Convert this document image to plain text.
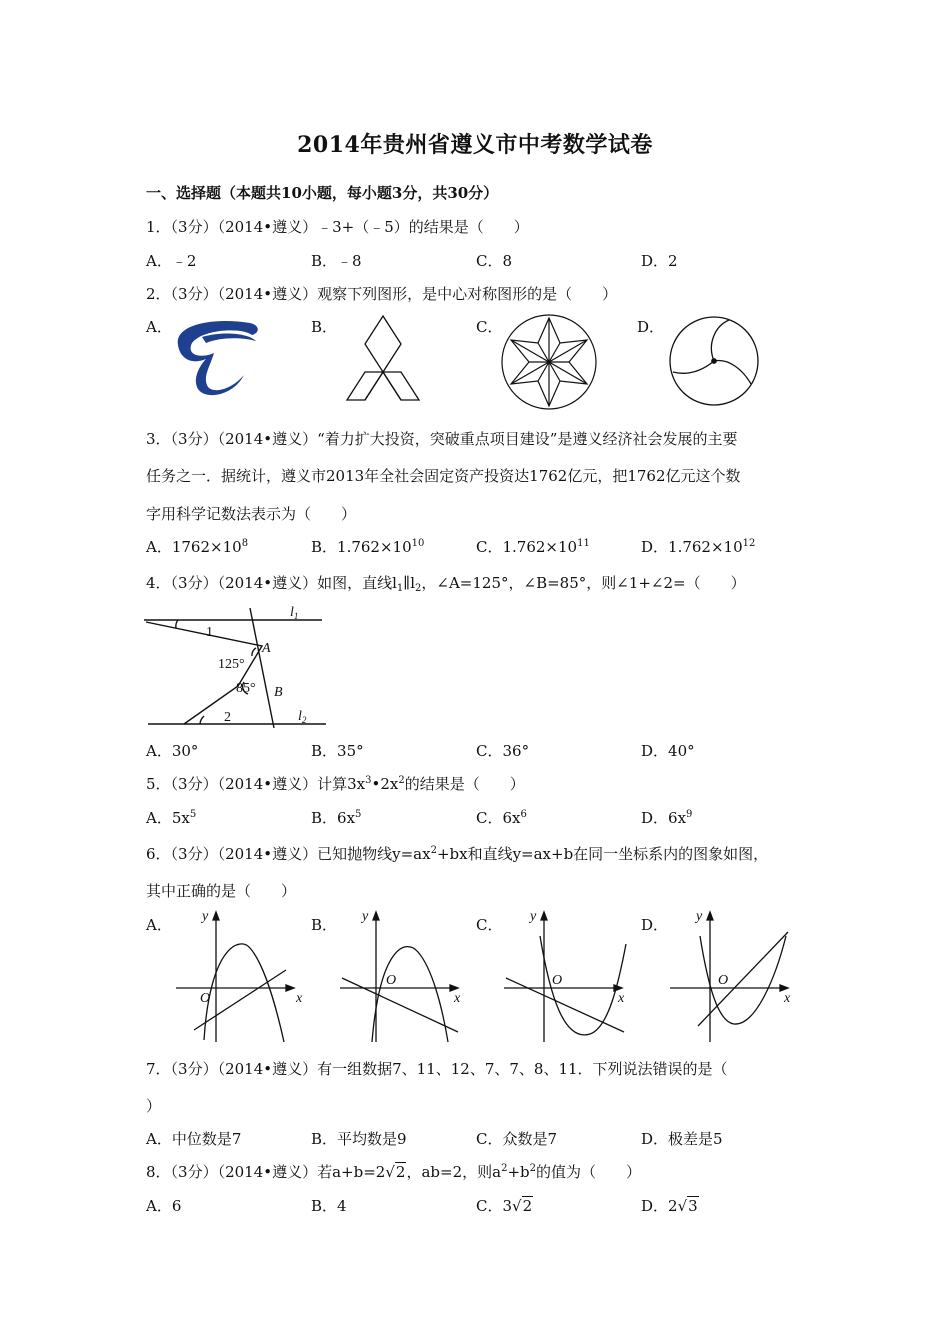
2014年贵州省遵义市中考数学试卷
一、选择题（本题共10小题，每小题3分，共30分）
1．（3分）（2014•遵义）﹣3+（﹣5）的结果是（　　）
A．﹣2	B．﹣8	C．8	D．2
2．（3分）（2014•遵义）观察下列图形，是中心对称图形的是（　　）
A．	B．	C．	D．
3．（3分）（2014•遵义）“着力扩大投资，突破重点项目建设”是遵义经济社会发展的主要
任务之一．据统计，遵义市2013年全社会固定资产投资达1762亿元，把1762亿元这个数
字用科学记数法表示为（　　）
A．$1762\times 10^8$	B．$1.762\times 10^{10}$	C．$1.762\times 10^{11}$	D．$1.762\times 10^{12}$
4．（3分）（2014•遵义）如图，直线$l_1\parallel l_2$，∠A=125°，∠B=85°，则∠1+∠2=（　　）
$l_1$
$l_2$
1
2
A
B
125°
85°
A．30°	B．35°	C．36°	D．40°
5．（3分）（2014•遵义）计算$3x^3•2x^2$的结果是（　　）
A．$5x^5$	B．$6x^5$	C．$6x^6$	D．$6x^9$
6．（3分）（2014•遵义）已知抛物线$y=ax^2+bx$和直线y=ax+b在同一坐标系内的图象如图，
其中正确的是（　　）
A．	B．	C．	D．
x
y
O	x
y
O
x
y
O
x
y
O
7．（3分）（2014•遵义）有一组数据7、11、12、7、7、8、11．下列说法错误的是（
）
A．中位数是7	B．平均数是9	C．众数是7	D．极差是5
8．（3分）（2014•遵义）若a+b=2√2，ab=2，则$a^2+b^2$的值为（　　）
A．6	B．4	C．3√2	D．2√3
